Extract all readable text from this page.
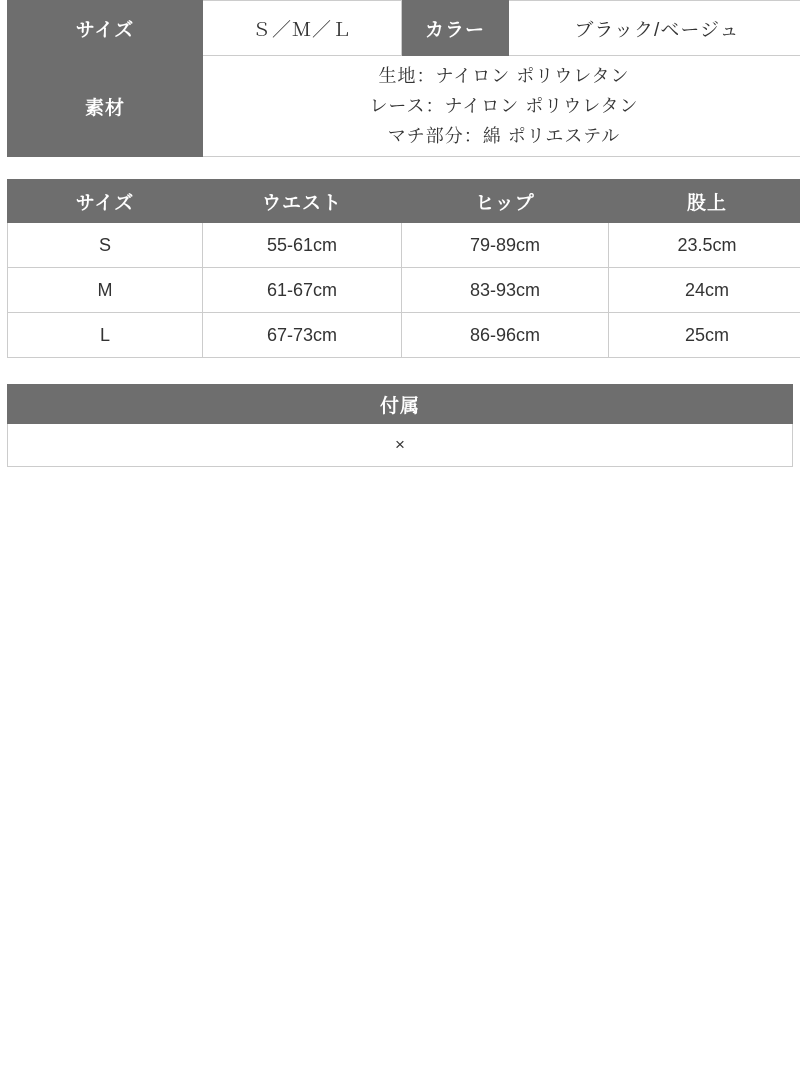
サイズ	Ｓ／Ｍ／Ｌ	カラー	ブラック/ベージュ
素材	生地：ナイロン ポリウレタン
レース：ナイロン ポリウレタン
マチ部分：綿 ポリエステル		
サイズ	ウエスト	ヒップ	股上
S	55-61cm	79-89cm	23.5cm
M	61-67cm	83-93cm	24cm
L	67-73cm	86-96cm	25cm
付属
×
